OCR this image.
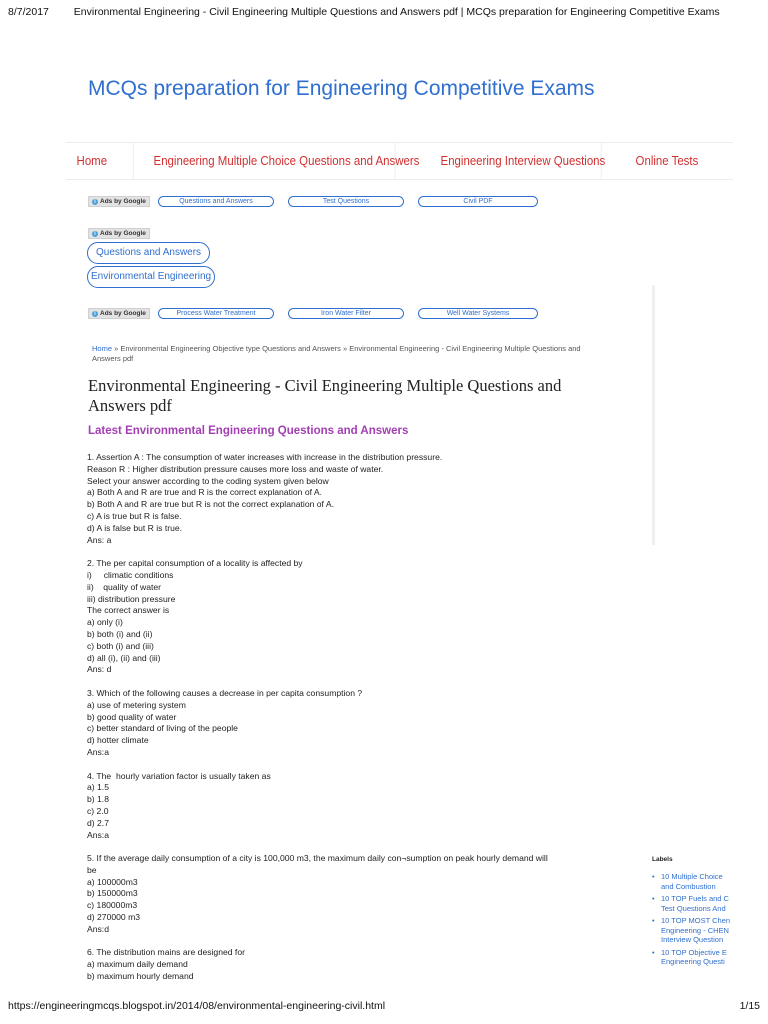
8/7/2017 Environmental Engineering - Civil Engineering Multiple Questions and Answers pdf | MCQs preparation for Engineering Competitive Exams
MCQs preparation for Engineering Competitive Exams
Home	Engineering Multiple Choice Questions and Answers	Engineering Interview Questions	Online Tests
i Ads by Google	Questions and Answers	Test Questions	Civil PDF
i Ads by Google
Questions and Answers
Environmental Engineering
i Ads by Google	Process Water Treatment	Iron Water Filter	Well Water Systems
Home » Environmental Engineering Objective type Questions and Answers » Environmental Engineering - Civil Engineering Multiple Questions and Answers pdf
Environmental Engineering - Civil Engineering Multiple Questions and Answers pdf
Latest Environmental Engineering Questions and Answers
1. Assertion A : The consumption of water increases with increase in the distribution pressure.
Reason R : Higher distribution pressure causes more loss and waste of water.
Select your answer according to the coding system given below
a) Both A and R are true and R is the correct explanation of A.
b) Both A and R are true but R is not the correct explanation of A.
c) A is true but R is false.
d) A is false but R is true.
Ans: a
2. The per capital consumption of a locality is affected by
i)     climatic conditions
ii)    quality of water
iii) distribution pressure
The correct answer is
a) only (i)
b) both (i) and (ii)
c) both (i) and (iii)
d) all (i), (ii) and (iii)
Ans: d
3. Which of the following causes a decrease in per capita consumption ?
a) use of metering system
b) good quality of water
c) better standard of living of the people
d) hotter climate
Ans:a
4. The  hourly variation factor is usually taken as
a) 1.5
b) 1.8
c) 2.0
d) 2.7
Ans:a
5. If the average daily consumption of a city is 100,000 m3, the maximum daily con¬sumption on peak hourly demand will
be
a) 100000m3
b) 150000m3
c) 180000m3
d) 270000 m3
Ans:d
6. The distribution mains are designed for
a) maximum daily demand
b) maximum hourly demand
Labels
• 10 Multiple Choice
and Combustion
• 10 TOP Fuels and C
Test Questions And
• 10 TOP MOST Chen
Engineering - CHEN
Interview Question
• 10 TOP Objective E
Engineering Questi
https://engineeringmcqs.blogspot.in/2014/08/environmental-engineering-civil.html	1/15
